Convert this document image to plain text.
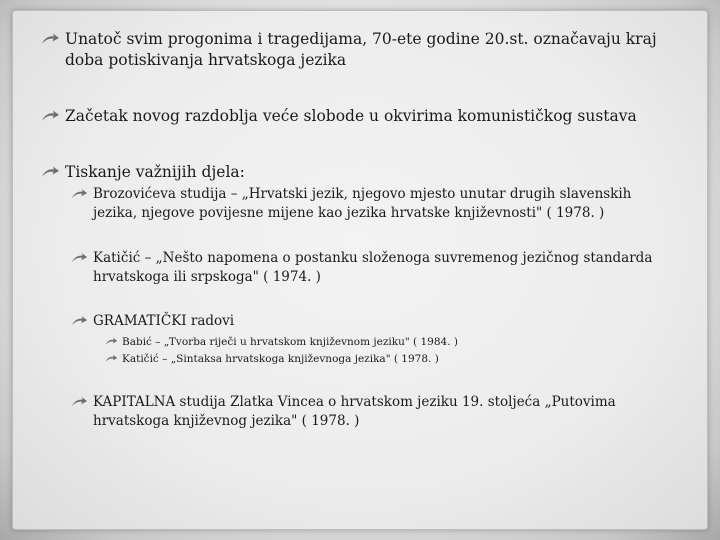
Unatoč svim progonima i tragedijama, 70-ete godine 20.st. označavaju kraj doba potiskivanja hrvatskoga jezika

Začetak novog razdoblja veće slobode u okvirima komunističkog sustava

Tiskanje važnijih djela:

Brozovićeva studija – „Hrvatski jezik, njegovo mjesto unutar drugih slavenskih jezika, njegove povijesne mijene kao jezika hrvatske književnosti" ( 1978. )

Katičić – „Nešto napomena o postanku složenoga suvremenog jezičnog standarda hrvatskoga ili srpskoga" ( 1974. )

GRAMATIČKI radovi

Babić – „Tvorba riječi u hrvatskom književnom jeziku" ( 1984. )

Katičić – „Sintaksa hrvatskoga književnoga jezika" ( 1978. )

KAPITALNA studija Zlatka Vincea o hrvatskom jeziku 19. stoljeća „Putovima hrvatskoga književnog jezika" ( 1978. )
